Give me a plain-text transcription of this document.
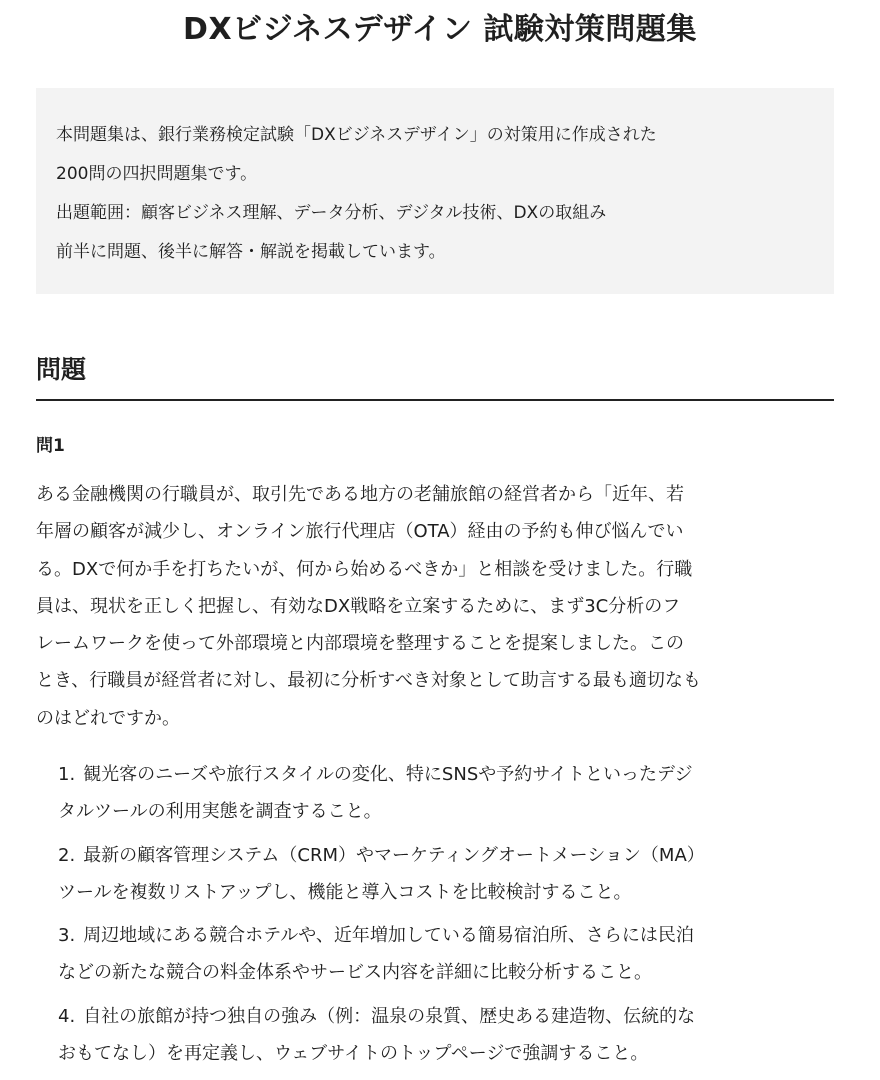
DXビジネスデザイン 試験対策問題集
本問題集は、銀行業務検定試験「DXビジネスデザイン」の対策用に作成された
200問の四択問題集です。
出題範囲：顧客ビジネス理解、データ分析、デジタル技術、DXの取組み
前半に問題、後半に解答・解説を掲載しています。
問題
問1
ある金融機関の行職員が、取引先である地方の老舗旅館の経営者から「近年、若
年層の顧客が減少し、オンライン旅行代理店（OTA）経由の予約も伸び悩んでい
る。DXで何か手を打ちたいが、何から始めるべきか」と相談を受けました。行職
員は、現状を正しく把握し、有効なDX戦略を立案するために、まず3C分析のフ
レームワークを使って外部環境と内部環境を整理することを提案しました。この
とき、行職員が経営者に対し、最初に分析すべき対象として助言する最も適切なも
のはどれですか。
1. 観光客のニーズや旅行スタイルの変化、特にSNSや予約サイトといったデジ
タルツールの利用実態を調査すること。
2. 最新の顧客管理システム（CRM）やマーケティングオートメーション（MA）
ツールを複数リストアップし、機能と導入コストを比較検討すること。
3. 周辺地域にある競合ホテルや、近年増加している簡易宿泊所、さらには民泊
などの新たな競合の料金体系やサービス内容を詳細に比較分析すること。
4. 自社の旅館が持つ独自の強み（例：温泉の泉質、歴史ある建造物、伝統的な
おもてなし）を再定義し、ウェブサイトのトップページで強調すること。
